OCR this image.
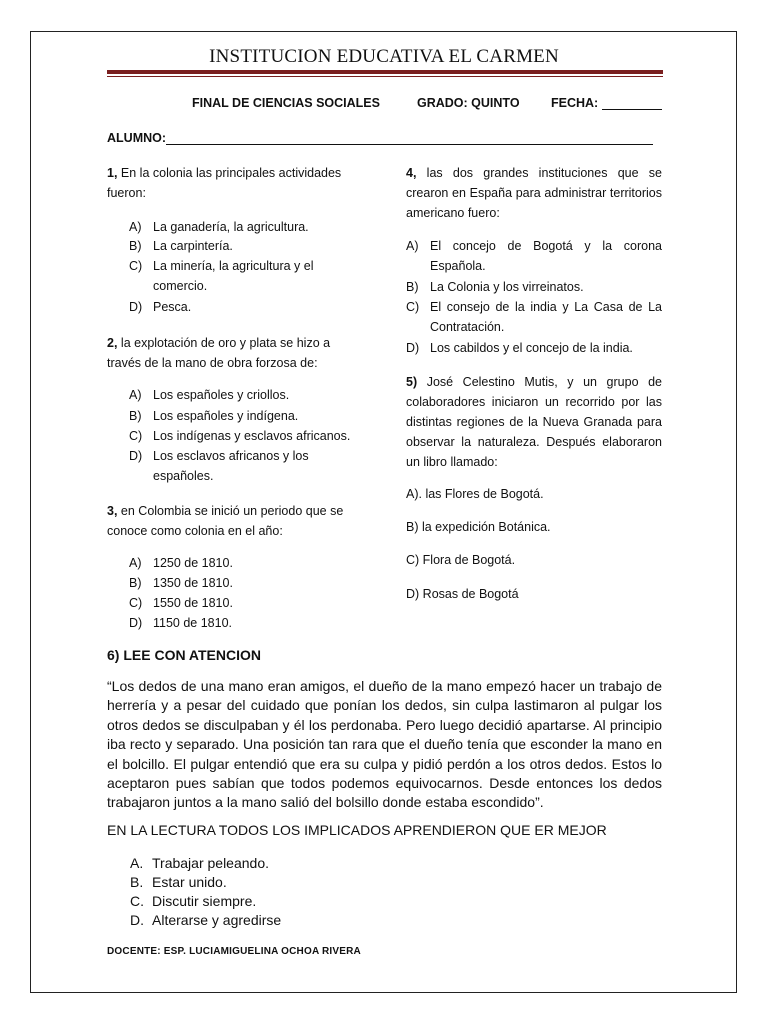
INSTITUCION EDUCATIVA EL CARMEN
FINAL DE CIENCIAS SOCIALES	GRADO: QUINTO	FECHA:
ALUMNO:
1, En la colonia las principales actividades fueron:
A) La ganadería, la agricultura.
B) La carpintería.
C) La minería, la agricultura y el comercio.
D) Pesca.
2, la explotación de oro y plata se hizo a través de la mano de obra forzosa de:
A) Los españoles y criollos.
B) Los españoles y indígena.
C) Los indígenas y esclavos africanos.
D) Los esclavos africanos y los españoles.
3, en Colombia se inició un periodo que se conoce como colonia en el año:
A) 1250 de 1810.
B) 1350 de 1810.
C) 1550 de 1810.
D) 1150 de 1810.
4, las dos grandes instituciones que se crearon en España para administrar territorios americano fuero:
A) El concejo de Bogotá y la corona Española.
B) La Colonia y los virreinatos.
C) El consejo de la india y La Casa de La Contratación.
D) Los cabildos y el concejo de la india.
5) José Celestino Mutis, y un grupo de colaboradores iniciaron un recorrido por las distintas regiones de la Nueva Granada para observar la naturaleza. Después elaboraron un libro llamado:
A). las Flores de Bogotá.
B) la expedición Botánica.
C) Flora de Bogotá.
D) Rosas de Bogotá
6) LEE CON ATENCION
“Los dedos de una mano eran amigos, el dueño de la mano empezó hacer un trabajo de herrería y a pesar del cuidado que ponían los dedos, sin culpa lastimaron al pulgar los otros dedos se disculpaban y él los perdonaba. Pero luego decidió apartarse. Al principio iba recto y separado. Una posición tan rara que el dueño tenía que esconder la mano en el bolcillo. El pulgar entendió que era su culpa y pidió perdón a los otros dedos. Estos lo aceptaron pues sabían que todos podemos equivocarnos. Desde entonces los dedos trabajaron juntos a la mano salió del bolsillo donde estaba escondido”.
EN LA LECTURA TODOS LOS IMPLICADOS APRENDIERON QUE ER MEJOR
A. Trabajar peleando.
B. Estar unido.
C. Discutir siempre.
D. Alterarse y agredirse
DOCENTE: ESP. LUCIAMIGUELINA OCHOA RIVERA
